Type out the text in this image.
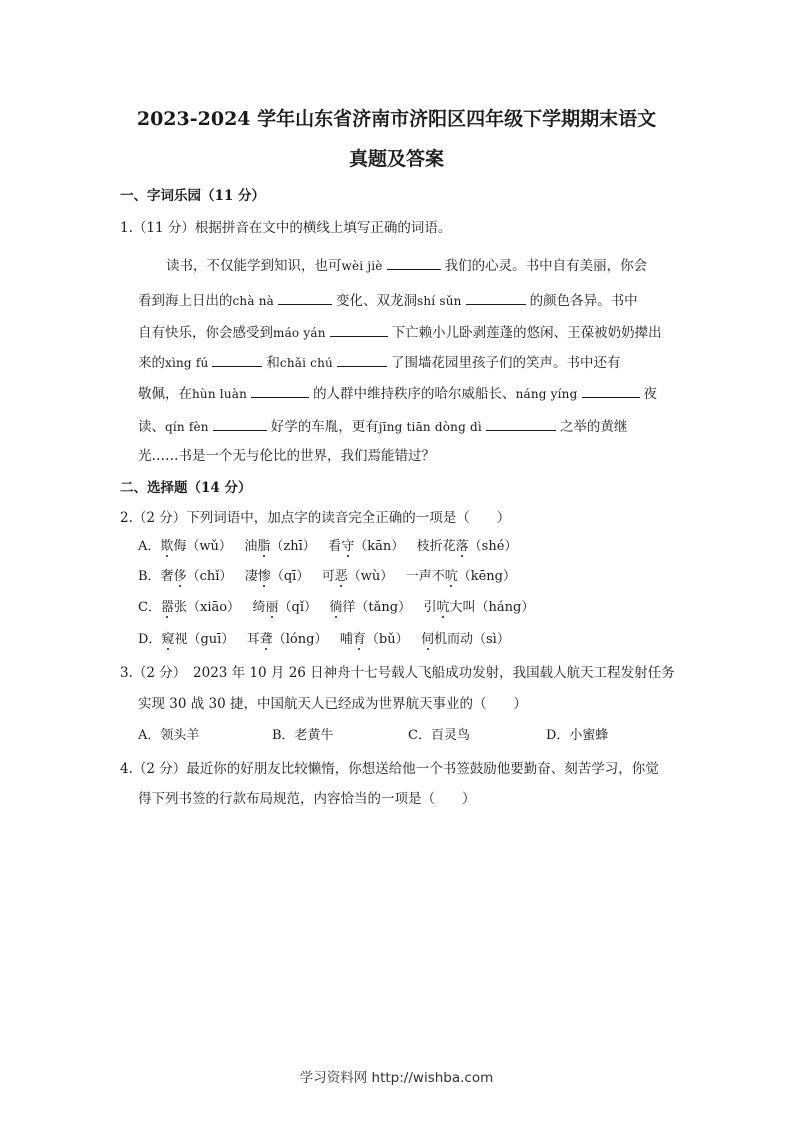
2023-2024 学年山东省济南市济阳区四年级下学期期末语文
真题及答案
一、字词乐园（11 分）
1.（11 分）根据拼音在文中的横线上填写正确的词语。
读书，不仅能学到知识，也可wèi jiè	我们的心灵。书中自有美丽，你会
看到海上日出的chà nà	变化、双龙洞shí sǔn	的颜色各异。书中
自有快乐，你会感受到máo yán	下亡赖小儿卧剥莲蓬的悠闲、王葆被奶奶撵出
来的xìng fú	和chǎi chú	了围墙花园里孩子们的笑声。书中还有
敬佩，在hùn luàn	的人群中维持秩序的哈尔威船长、náng yíng	夜
读、qín fèn	好学的车胤，更有jīng tiān dòng dì	之举的黄继
光……书是一个无与伦比的世界，我们焉能错过？
二、选择题（14 分）
2.（2 分）下列词语中，加点字的读音完全正确的一项是（　　）
A．欺侮（wǔ） 油脂（zhī） 看守（kān） 枝折花落（shé）
B．奢侈（chǐ） 凄惨（qī） 可恶（wù） 一声不吭（kēng）
C．嚣张（xiāo） 绮丽（qǐ） 徜徉（tǎng） 引吭大叫（háng）
D．窥视（guī） 耳聋（lóng） 哺育（bǔ） 伺机而动（sì）
3.（2 分）　2023 年 10 月 26 日神舟十七号载人飞船成功发射，我国载人航天工程发射任务
实现 30 战 30 捷，中国航天人已经成为世界航天事业的（　　）
A．领头羊	B．老黄牛	C．百灵鸟	D．小蜜蜂
4.（2 分）最近你的好朋友比较懒惰，你想送给他一个书签鼓励他要勤奋、刻苦学习，你觉
得下列书签的行款布局规范，内容恰当的一项是（　　）
学习资料网 http://wishba.com
